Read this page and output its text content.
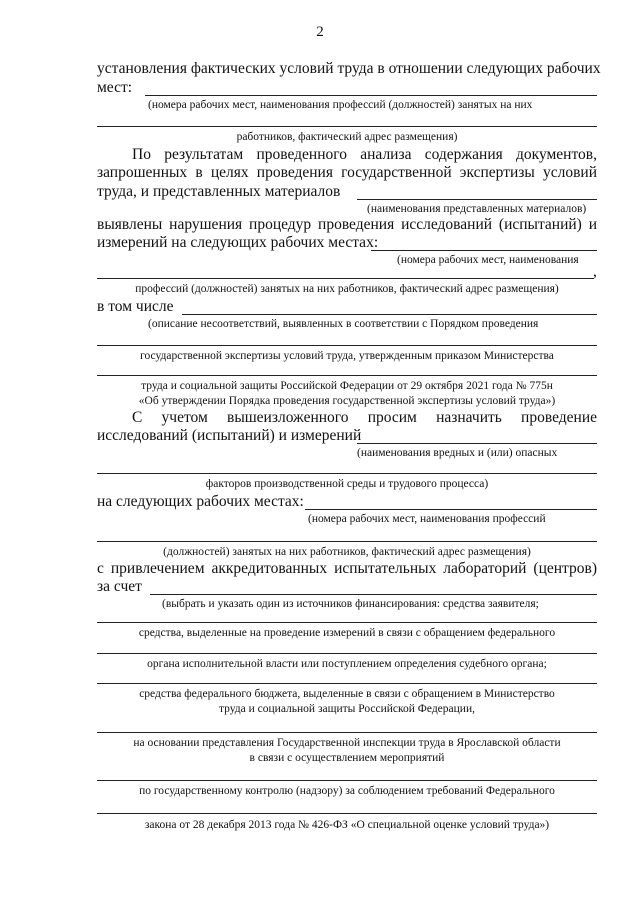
2
установления фактических условий труда в отношении следующих рабочих
мест:
(номера рабочих мест, наименования профессий (должностей) занятых на них
работников, фактический адрес размещения)
По результатам проведенного анализа содержания документов,
запрошенных в целях проведения государственной экспертизы условий
труда, и представленных материалов
(наименования представленных материалов)
выявлены нарушения процедур проведения исследований (испытаний) и
измерений на следующих рабочих местах:
(номера рабочих мест, наименования
,
профессий (должностей) занятых на них работников, фактический адрес размещения)
в том числе
(описание несоответствий, выявленных в соответствии с Порядком проведения
государственной экспертизы условий труда, утвержденным приказом Министерства
труда и социальной защиты Российской Федерации от 29 октября 2021 года № 775н
«Об утверждении Порядка проведения государственной экспертизы условий труда»)
С учетом вышеизложенного просим назначить проведение
исследований (испытаний) и измерений
(наименования вредных и (или) опасных
факторов производственной среды и трудового процесса)
на следующих рабочих местах:
(номера рабочих мест, наименования профессий
(должностей) занятых на них работников, фактический адрес размещения)
с привлечением аккредитованных испытательных лабораторий (центров)
за счет
(выбрать и указать один из источников финансирования: средства заявителя;
средства, выделенные на проведение измерений в связи с обращением федерального
органа исполнительной власти или поступлением определения судебного органа;
средства федерального бюджета, выделенные в связи с обращением в Министерство
труда и социальной защиты Российской Федерации,
на основании представления Государственной инспекции труда в Ярославской области
в связи с осуществлением мероприятий
по государственному контролю (надзору) за соблюдением требований Федерального
закона от 28 декабря 2013 года № 426-ФЗ «О специальной оценке условий труда»)
